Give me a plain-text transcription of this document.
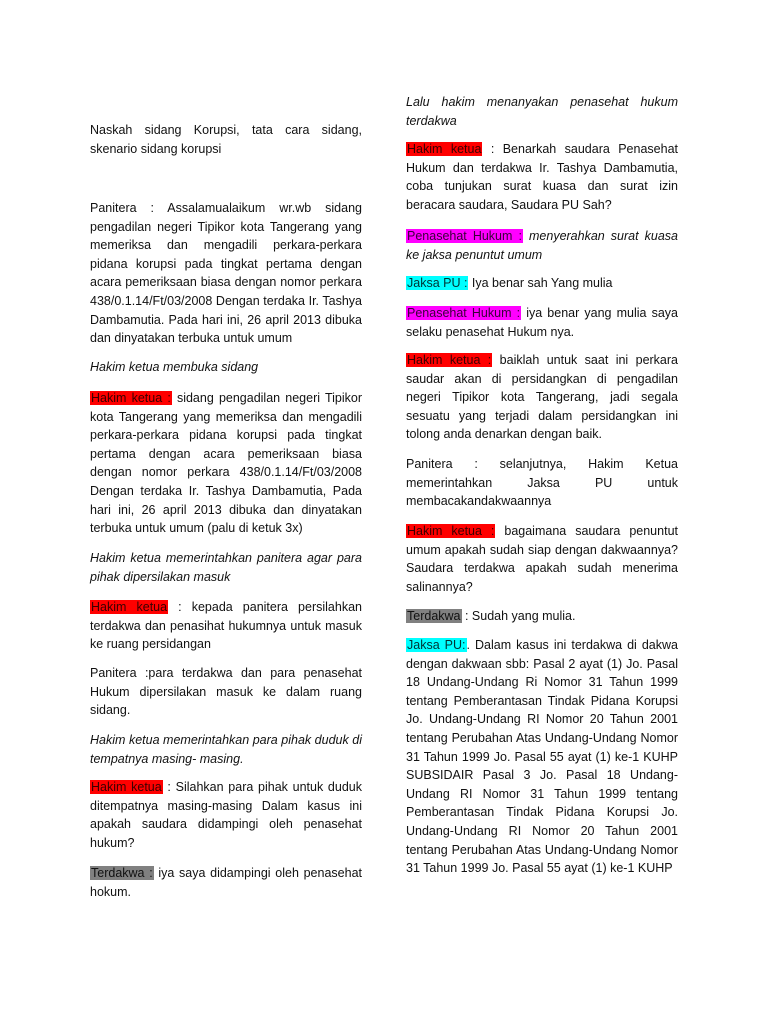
Naskah sidang Korupsi, tata cara sidang, skenario sidang korupsi

Panitera : Assalamualaikum wr.wb sidang pengadilan negeri Tipikor kota Tangerang yang memeriksa dan mengadili perkara-perkara pidana korupsi pada tingkat pertama dengan acara pemeriksaan biasa dengan nomor perkara 438/0.1.14/Ft/03/2008 Dengan terdaka Ir. Tashya Dambamutia. Pada hari ini, 26 april 2013 dibuka dan dinyatakan terbuka untuk umum

Hakim ketua membuka sidang

Hakim ketua : sidang pengadilan negeri Tipikor kota Tangerang yang memeriksa dan mengadili perkara-perkara pidana korupsi pada tingkat pertama dengan acara pemeriksaan biasa dengan nomor perkara 438/0.1.14/Ft/03/2008 Dengan terdaka Ir. Tashya Dambamutia, Pada hari ini, 26 april 2013 dibuka dan dinyatakan terbuka untuk umum (palu di ketuk 3x)

Hakim ketua memerintahkan panitera agar para pihak dipersilakan masuk

Hakim ketua : kepada panitera persilahkan terdakwa dan penasihat hukumnya untuk masuk ke ruang persidangan

Panitera :para terdakwa dan para penasehat Hukum dipersilakan masuk ke dalam ruang sidang.

Hakim ketua memerintahkan para pihak duduk di tempatnya masing- masing.

Hakim ketua : Silahkan para pihak untuk duduk ditempatnya masing-masing Dalam kasus ini apakah saudara didampingi oleh penasehat hukum?

Terdakwa : iya saya didampingi oleh penasehat hokum.

Lalu hakim menanyakan penasehat hukum terdakwa

Hakim ketua : Benarkah saudara Penasehat Hukum dan terdakwa Ir. Tashya Dambamutia, coba tunjukan surat kuasa dan surat izin beracara saudara, Saudara PU Sah?

Penasehat Hukum : menyerahkan surat kuasa ke jaksa penuntut umum

Jaksa PU : Iya benar sah Yang mulia

Penasehat Hukum : iya benar yang mulia saya selaku penasehat Hukum nya.

Hakim ketua : baiklah untuk saat ini perkara saudar akan di persidangkan di pengadilan negeri Tipikor kota Tangerang, jadi segala sesuatu yang terjadi dalam persidangkan ini tolong anda denarkan dengan baik.

Panitera : selanjutnya, Hakim Ketua memerintahkan Jaksa PU untuk membacakandakwaannya

Hakim ketua : bagaimana saudara penuntut umum apakah sudah siap dengan dakwaannya? Saudara terdakwa apakah sudah menerima salinannya?

Terdakwa : Sudah yang mulia.

Jaksa PU:. Dalam kasus ini terdakwa di dakwa dengan dakwaan sbb: Pasal 2 ayat (1) Jo. Pasal 18 Undang-Undang Ri Nomor 31 Tahun 1999 tentang Pemberantasan Tindak Pidana Korupsi Jo. Undang-Undang RI Nomor 20 Tahun 2001 tentang Perubahan Atas Undang-Undang Nomor 31 Tahun 1999 Jo. Pasal 55 ayat (1) ke-1 KUHP SUBSIDAIR Pasal 3 Jo. Pasal 18 Undang-Undang RI Nomor 31 Tahun 1999 tentang Pemberantasan Tindak Pidana Korupsi Jo. Undang-Undang RI Nomor 20 Tahun 2001 tentang Perubahan Atas Undang-Undang Nomor 31 Tahun 1999 Jo. Pasal 55 ayat (1) ke-1 KUHP
